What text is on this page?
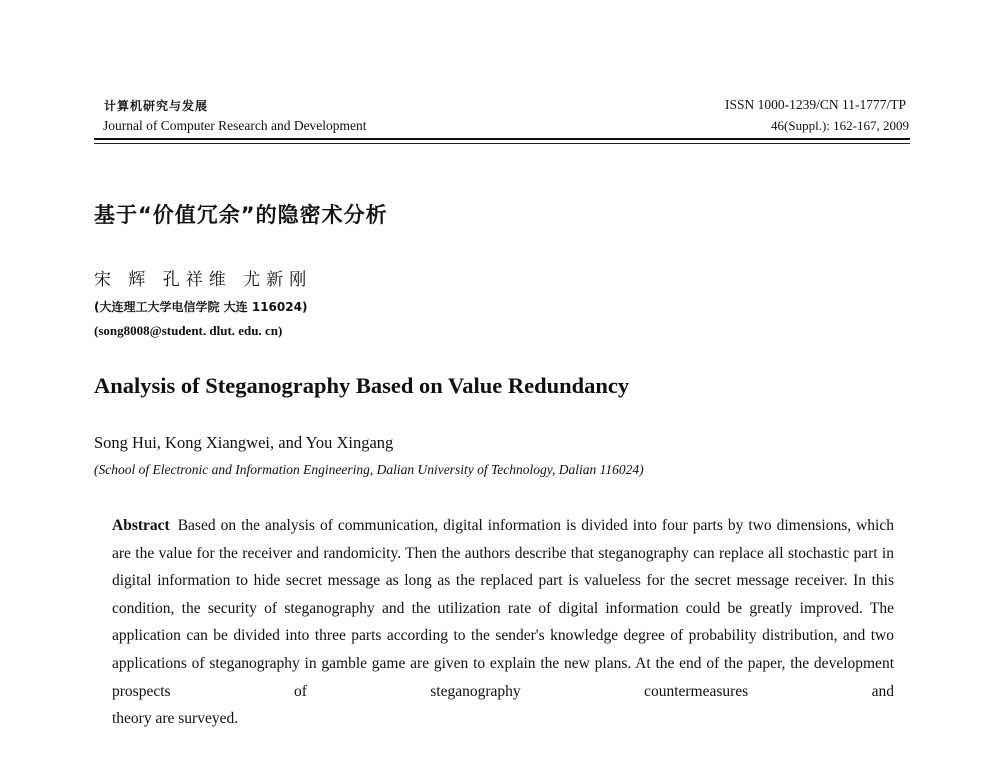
计算机研究与发展
Journal of Computer Research and Development
ISSN 1000-1239/CN 11-1777/TP
46(Suppl.): 162-167, 2009
基于“价值冗余”的隐密术分析
宋 辉 孔祥维 尤新刚
(大连理工大学电信学院 大连 116024)
(song8008@student. dlut. edu. cn)
Analysis of Steganography Based on Value Redundancy
Song Hui, Kong Xiangwei, and You Xingang
(School of Electronic and Information Engineering, Dalian University of Technology, Dalian 116024)
Abstract Based on the analysis of communication, digital information is divided into four parts by two dimensions, which are the value for the receiver and randomicity. Then the authors describe that steganography can replace all stochastic part in digital information to hide secret message as long as the replaced part is valueless for the secret message receiver. In this condition, the security of steganography and the utilization rate of digital information could be greatly improved. The application can be divided into three parts according to the sender's knowledge degree of probability distribution, and two applications of steganography in gamble game are given to explain the new plans. At the end of the paper, the development prospects of steganography countermeasures and
theory are surveyed.
